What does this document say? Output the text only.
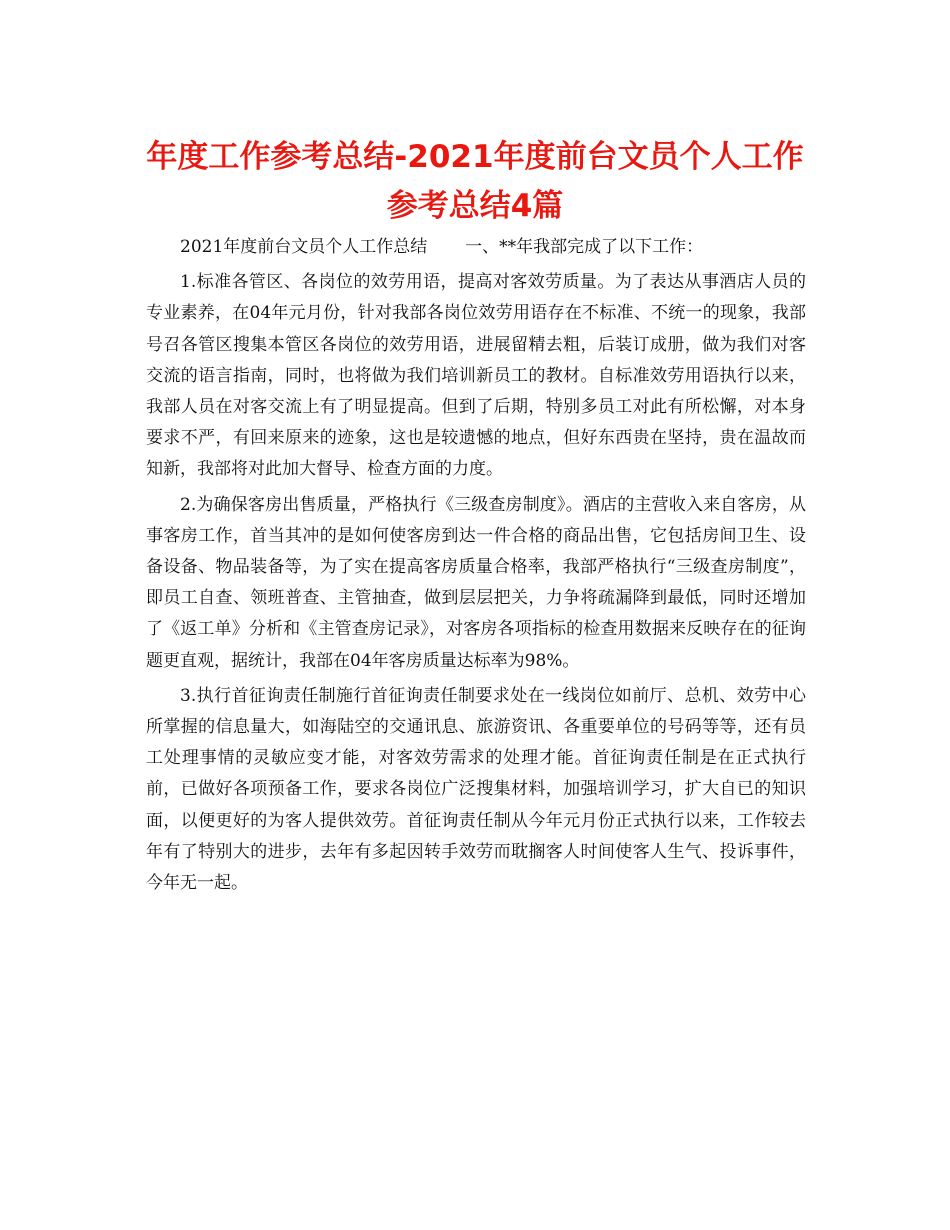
年度工作参考总结-2021年度前台文员个人工作
参考总结4篇

2021年度前台文员个人工作总结       一、**年我部完成了以下工作：

1.标准各管区、各岗位的效劳用语，提高对客效劳质量。为了表达从事酒店人员的专业素养，在04年元月份，针对我部各岗位效劳用语存在不标准、不统一的现象，我部号召各管区搜集本管区各岗位的效劳用语，进展留精去粗，后装订成册，做为我们对客交流的语言指南，同时，也将做为我们培训新员工的教材。自标准效劳用语执行以来，我部人员在对客交流上有了明显提高。但到了后期，特别多员工对此有所松懈，对本身要求不严，有回来原来的迹象，这也是较遗憾的地点，但好东西贵在坚持，贵在温故而知新，我部将对此加大督导、检查方面的力度。

2.为确保客房出售质量，严格执行《三级查房制度》。酒店的主营收入来自客房，从事客房工作，首当其冲的是如何使客房到达一件合格的商品出售，它包括房间卫生、设备设备、物品装备等，为了实在提高客房质量合格率，我部严格执行“三级查房制度”，即员工自查、领班普查、主管抽查，做到层层把关，力争将疏漏降到最低，同时还增加了《返工单》分析和《主管查房记录》，对客房各项指标的检查用数据来反映存在的征询题更直观，据统计，我部在04年客房质量达标率为98%。

3.执行首征询责任制施行首征询责任制要求处在一线岗位如前厅、总机、效劳中心所掌握的信息量大，如海陆空的交通讯息、旅游资讯、各重要单位的号码等等，还有员工处理事情的灵敏应变才能，对客效劳需求的处理才能。首征询责任制是在正式执行前，已做好各项预备工作，要求各岗位广泛搜集材料，加强培训学习，扩大自已的知识面，以便更好的为客人提供效劳。首征询责任制从今年元月份正式执行以来，工作较去年有了特别大的进步，去年有多起因转手效劳而耽搁客人时间使客人生气、投诉事件，今年无一起。
